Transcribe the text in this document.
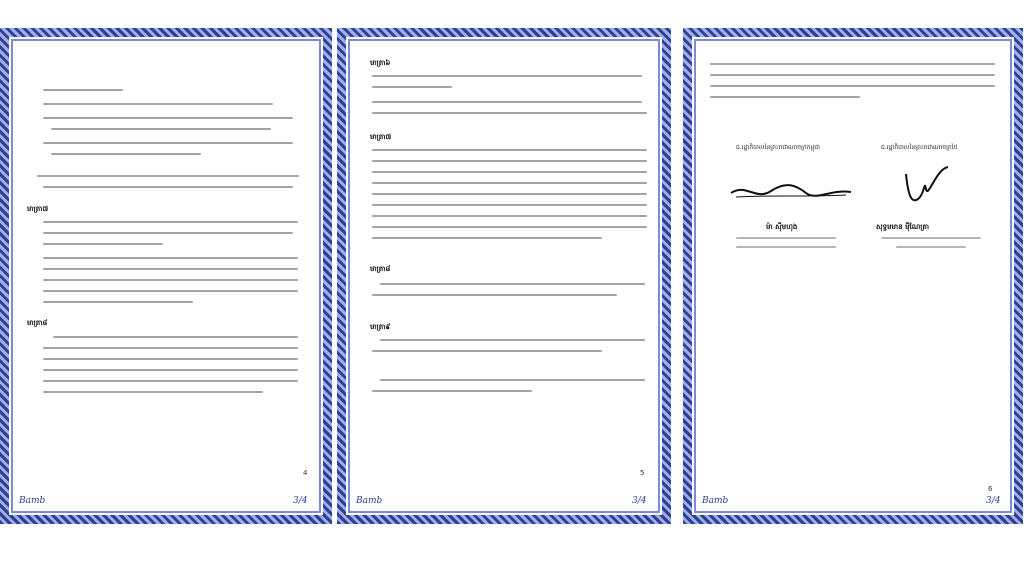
មាត្រា៧
មាត្រា៨
4
Bamb	3/4
មាត្រា៦
មាត្រា៧
មាត្រា៨
មាត្រា៩
5
Bamb	3/4
ជ.រដ្ឋាភិបាលនៃព្រះរាជាណាចក្រកម្ពុជា	ជ.រដ្ឋាភិបាលនៃព្រះរាជាណាចក្រថៃ
ម៉ា ស៊ីមហុង	សុទ្ធមមាន ម៉ីណែត្រា
6
Bamb	3/4
